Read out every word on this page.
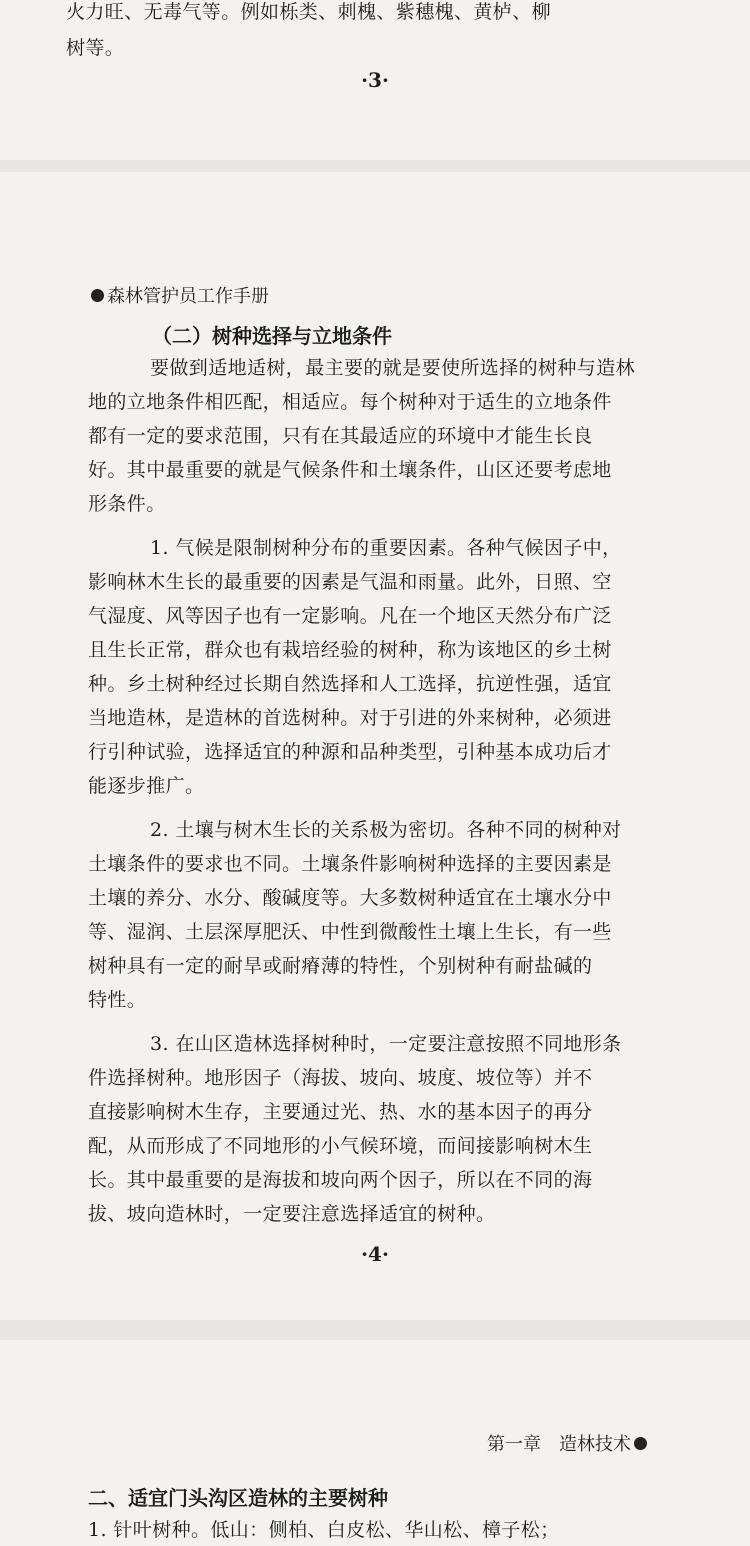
火力旺、无毒气等。例如栎类、刺槐、紫穗槐、黄栌、柳
树等。
·3·
森林管护员工作手册
（二）树种选择与立地条件
要做到适地适树，最主要的就是要使所选择的树种与造林
地的立地条件相匹配，相适应。每个树种对于适生的立地条件
都有一定的要求范围，只有在其最适应的环境中才能生长良
好。其中最重要的就是气候条件和土壤条件，山区还要考虑地
形条件。
1. 气候是限制树种分布的重要因素。各种气候因子中，
影响林木生长的最重要的因素是气温和雨量。此外，日照、空
气湿度、风等因子也有一定影响。凡在一个地区天然分布广泛
且生长正常，群众也有栽培经验的树种，称为该地区的乡土树
种。乡土树种经过长期自然选择和人工选择，抗逆性强，适宜
当地造林，是造林的首选树种。对于引进的外来树种，必须进
行引种试验，选择适宜的种源和品种类型，引种基本成功后才
能逐步推广。
2. 土壤与树木生长的关系极为密切。各种不同的树种对
土壤条件的要求也不同。土壤条件影响树种选择的主要因素是
土壤的养分、水分、酸碱度等。大多数树种适宜在土壤水分中
等、湿润、土层深厚肥沃、中性到微酸性土壤上生长，有一些
树种具有一定的耐旱或耐瘠薄的特性，个别树种有耐盐碱的
特性。
3. 在山区造林选择树种时，一定要注意按照不同地形条
件选择树种。地形因子（海拔、坡向、坡度、坡位等）并不
直接影响树木生存，主要通过光、热、水的基本因子的再分
配，从而形成了不同地形的小气候环境，而间接影响树木生
长。其中最重要的是海拔和坡向两个因子，所以在不同的海
拔、坡向造林时，一定要注意选择适宜的树种。
·4·
第一章　造林技术
二、适宜门头沟区造林的主要树种
1. 针叶树种。低山：侧柏、白皮松、华山松、樟子松；
